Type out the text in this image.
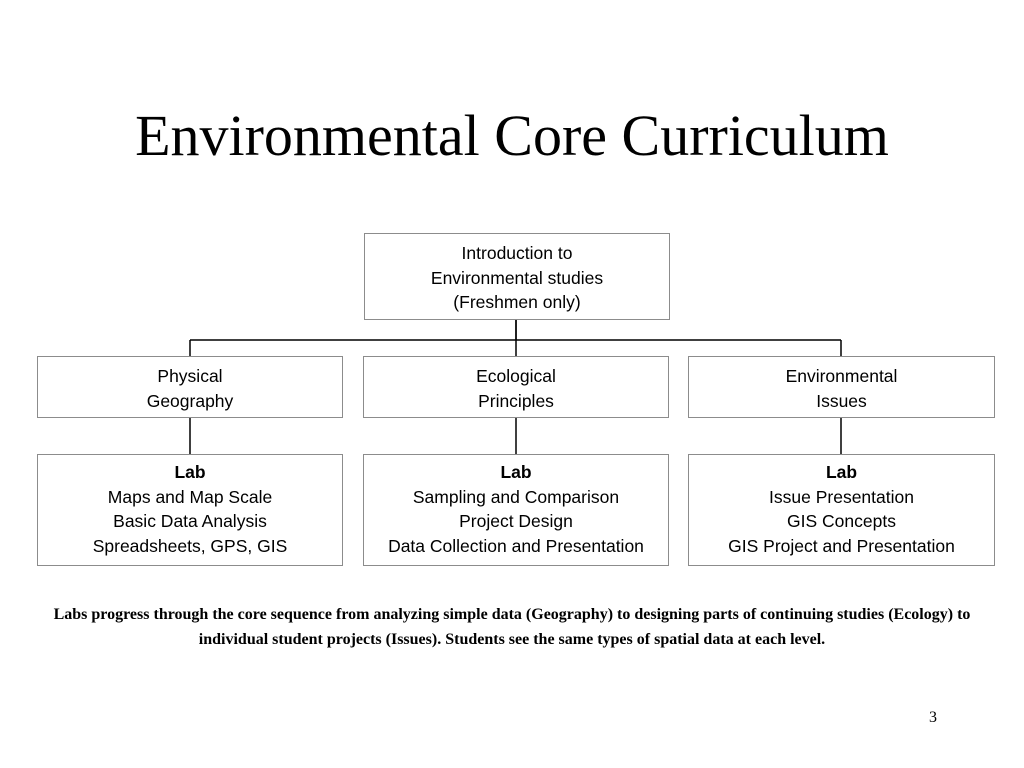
Environmental Core Curriculum
Introduction to
Environmental studies
(Freshmen only)
Physical
Geography
Ecological
Principles
Environmental
Issues
Lab
Maps and Map Scale
Basic Data Analysis
Spreadsheets, GPS, GIS
Lab
Sampling and Comparison
Project Design
Data Collection and Presentation
Lab
Issue Presentation
GIS Concepts
GIS Project and Presentation

Labs progress through the core sequence from analyzing simple data (Geography) to designing parts of continuing studies (Ecology) to individual student projects (Issues). Students see the same types of spatial data at each level.

3
